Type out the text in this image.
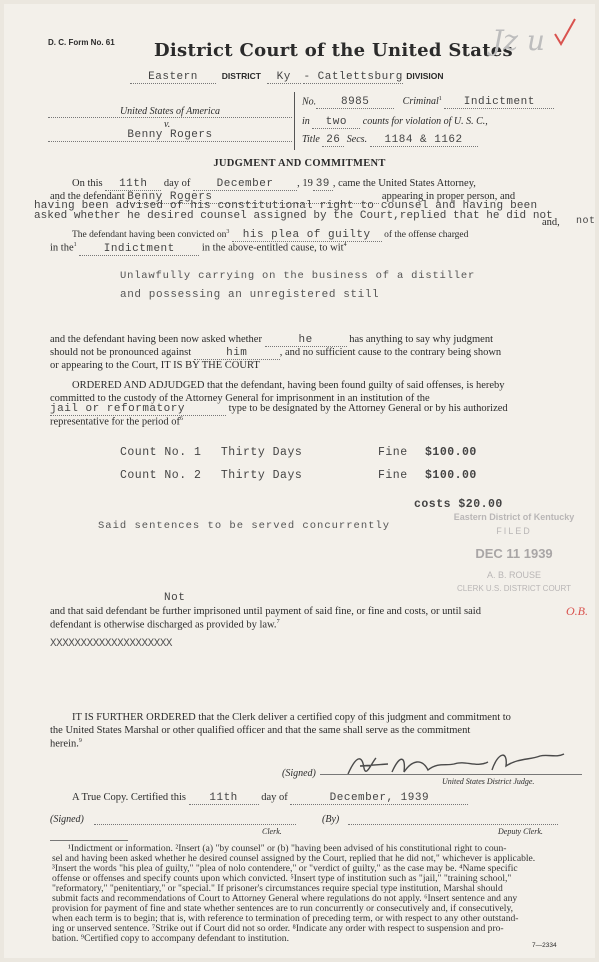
D. C. Form No. 61 District Court of the United States
Jz u
Eastern	DISTRICT Ky - Catlettsburg DIVISION
United States of America
v.
Benny Rogers
No. 8985	Criminal$^1$ Indictment
in two counts for violation of U. S. C.,
Title 26 Secs. 1184 & 1162
JUDGMENT AND COMMITMENT
On this 11th day of December , 19 39 , came the United States Attorney,
and the defendant Benny Rogers	appearing in proper person, and
having been advised of his constitutional right to counsel and having been
asked whether he desired counsel assigned by the Court,replied that he did not
and, not
The defendant having been convicted $on^3$ his plea of guilty of the offense charged
in the$^1$ Indictment	in the above-entitled cause, to wit$^4$
Unlawfully carrying on the business of a distiller
and possessing an unregistered still
and the defendant having been now asked whether	he	has anything to say why judgment
should not be pronounced against	him	, and no sufficient cause to the contrary being shown
or appearing to the Court, IT IS BY THE COURT
ORDERED AND ADJUDGED that the defendant, having been found guilty of said offenses, is hereby
committed to the custody of the Attorney General for imprisonment in an institution of the
jail or reformatory	type to be designated by the Attorney General or by his authorized
representative for the period $of^6$
Count No. 1 Thirty Days	Fine $100.00
Count No. 2 Thirty Days	Fine $100.00
costs $20.00
Said sentences to be served concurrently
Eastern District of Kentucky
FILED
DEC 11 1939
A. B. ROUSE
CLERK U.S. DISTRICT COURT
Not
and that said defendant be further imprisoned until payment of said fine, or fine and costs, or until said
defendant is otherwise discharged as provided by law.$^7$
O.B.
XXXXXXXXXXXXXXXXXXXX
IT IS FURTHER ORDERED that the Clerk deliver a certified copy of this judgment and commitment to
the United States Marshal or other qualified officer and that the same shall serve as the commitment
herein.$^9$
(Signed)
United States District Judge.
A True Copy. Certified this 11th day of	December, 1939
(Signed)
Clerk.
(By)
Deputy Clerk.
¹Indictment or information. ²Insert (a) "by counsel" or (b) "having been advised of his constitutional right to coun-
sel and having been asked whether he desired counsel assigned by the Court, replied that he did not," whichever is applicable.
³Insert the words "his plea of guilty," "plea of nolo contendere," or "verdict of guilty," as the case may be. ⁴Name specific
offense or offenses and specify counts upon which convicted. ⁵Insert type of institution such as "jail," "training school,"
"reformatory," "penitentiary," or "special." If prisoner's circumstances require special type institution, Marshal should
submit facts and recommendations of Court to Attorney General where regulations do not apply. ⁶Insert sentence and any
provision for payment of fine and state whether sentences are to run concurrently or consecutively and, if consecutively,
when each term is to begin; that is, with reference to termination of preceding term, or with respect to any other outstand-
ing or unserved sentence. ⁷Strike out if Court did not so order. ⁸Indicate any order with respect to suspension and pro-
bation. ⁹Certified copy to accompany defendant to institution.
7—2334
